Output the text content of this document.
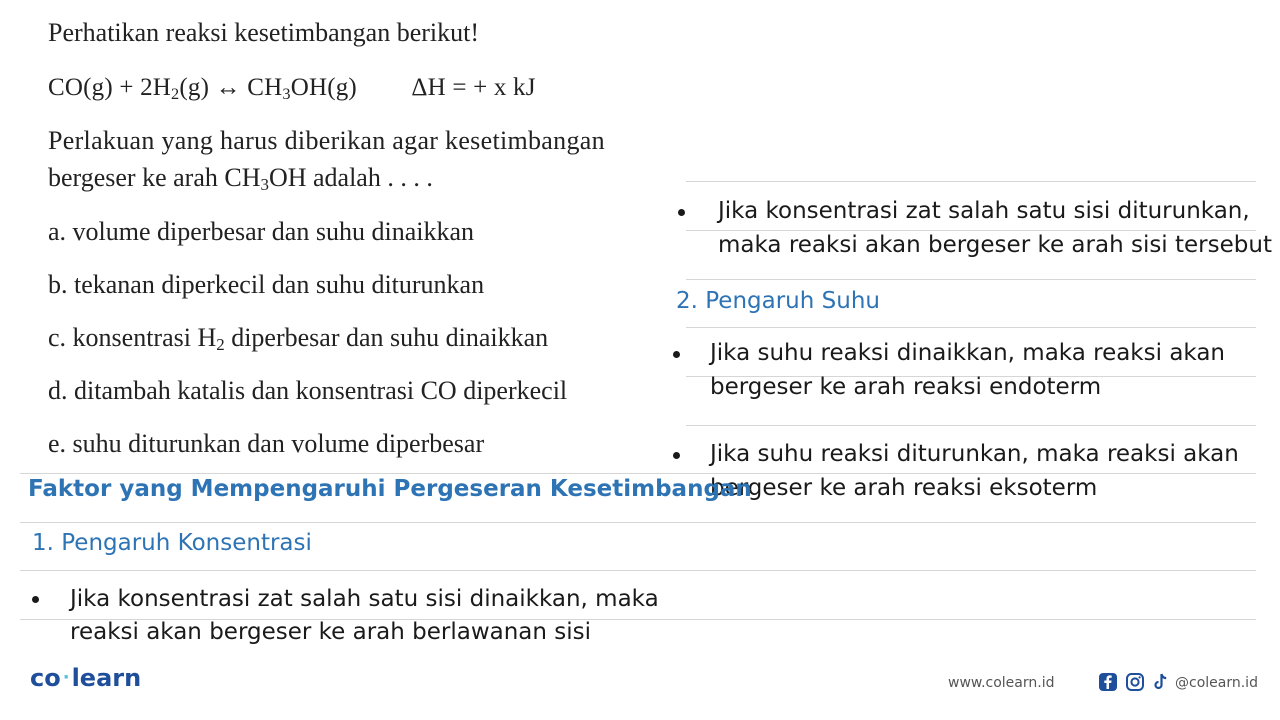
Perhatikan reaksi kesetimbangan berikut!
$CO(g) + 2H_2(g)$ ↔ $CH_3OH(g) \Delta H$ = + x kJ
Perlakuan yang harus diberikan agar kesetimbangan
bergeser ke arah $CH_3OH$ adalah . . . .
a. volume diperbesar dan suhu dinaikkan
b. tekanan diperkecil dan suhu diturunkan
c. konsentrasi $H_2$ diperbesar dan suhu dinaikkan
d. ditambah katalis dan konsentrasi CO diperkecil
e. suhu diturunkan dan volume diperbesar
Jika konsentrasi zat salah satu sisi diturunkan,
maka reaksi akan bergeser ke arah sisi tersebut
2. Pengaruh Suhu
Jika suhu reaksi dinaikkan, maka reaksi akan
bergeser ke arah reaksi endoterm
Jika suhu reaksi diturunkan, maka reaksi akan
bergeser ke arah reaksi eksoterm
Faktor yang Mempengaruhi Pergeseran Kesetimbangan
1. Pengaruh Konsentrasi
Jika konsentrasi zat salah satu sisi dinaikkan, maka
reaksi akan bergeser ke arah berlawanan sisi
co ·learn	www.colearn.id	@colearn.id
